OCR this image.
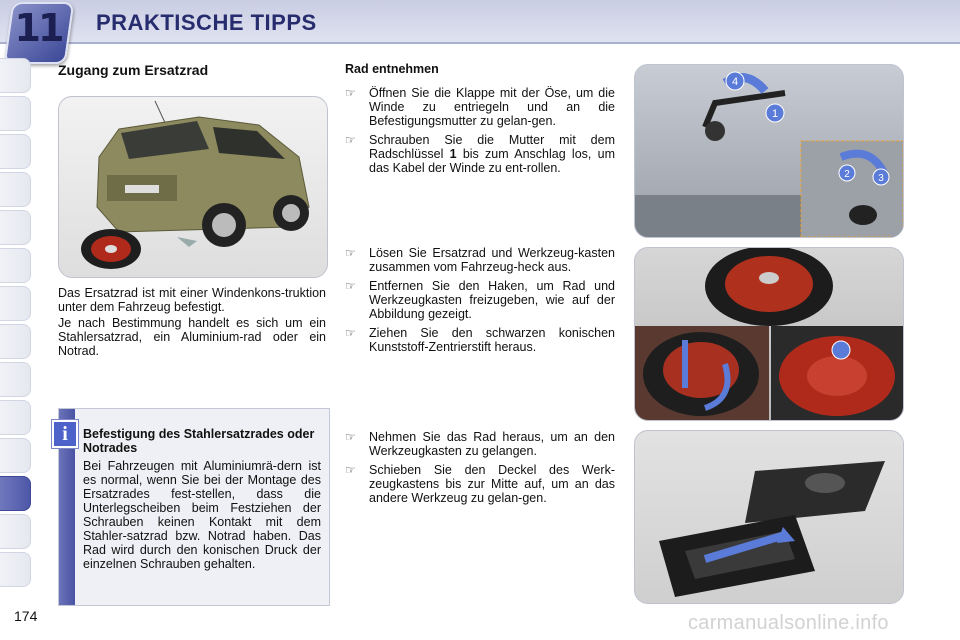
11 PRAKTISCHE TIPPS
Zugang zum Ersatzrad
Das Ersatzrad ist mit einer Windenkons-truktion unter dem Fahrzeug befestigt.
Je nach Bestimmung handelt es sich um ein Stahlersatzrad, ein Aluminium-rad oder ein Notrad.
i	Befestigung des Stahlersatzrades oder Notrades
Bei Fahrzeugen mit Aluminiumrä-dern ist es normal, wenn Sie bei der Montage des Ersatzrades fest-stellen, dass die Unterlegscheiben beim Festziehen der Schrauben keinen Kontakt mit dem Stahler-satzrad bzw. Notrad haben. Das Rad wird durch den konischen Druck der einzelnen Schrauben gehalten.
Rad entnehmen
☞ Öffnen Sie die Klappe mit der Öse, um die Winde zu entriegeln und an die Befestigungsmutter zu gelan-gen.
☞ Schrauben Sie die Mutter mit dem Radschlüssel 1 bis zum Anschlag los, um das Kabel der Winde zu ent-rollen.
☞ Lösen Sie Ersatzrad und Werkzeug-kasten zusammen vom Fahrzeug-heck aus.
☞ Entfernen Sie den Haken, um Rad und Werkzeugkasten freizugeben, wie auf der Abbildung gezeigt.
☞ Ziehen Sie den schwarzen konischen Kunststoff-Zentrierstift heraus.
☞ Nehmen Sie das Rad heraus, um an den Werkzeugkasten zu gelangen.
☞ Schieben Sie den Deckel des Werk-zeugkastens bis zur Mitte auf, um an das andere Werkzeug zu gelan-gen.
4
1
2	3
174	carmanualsonline.info
